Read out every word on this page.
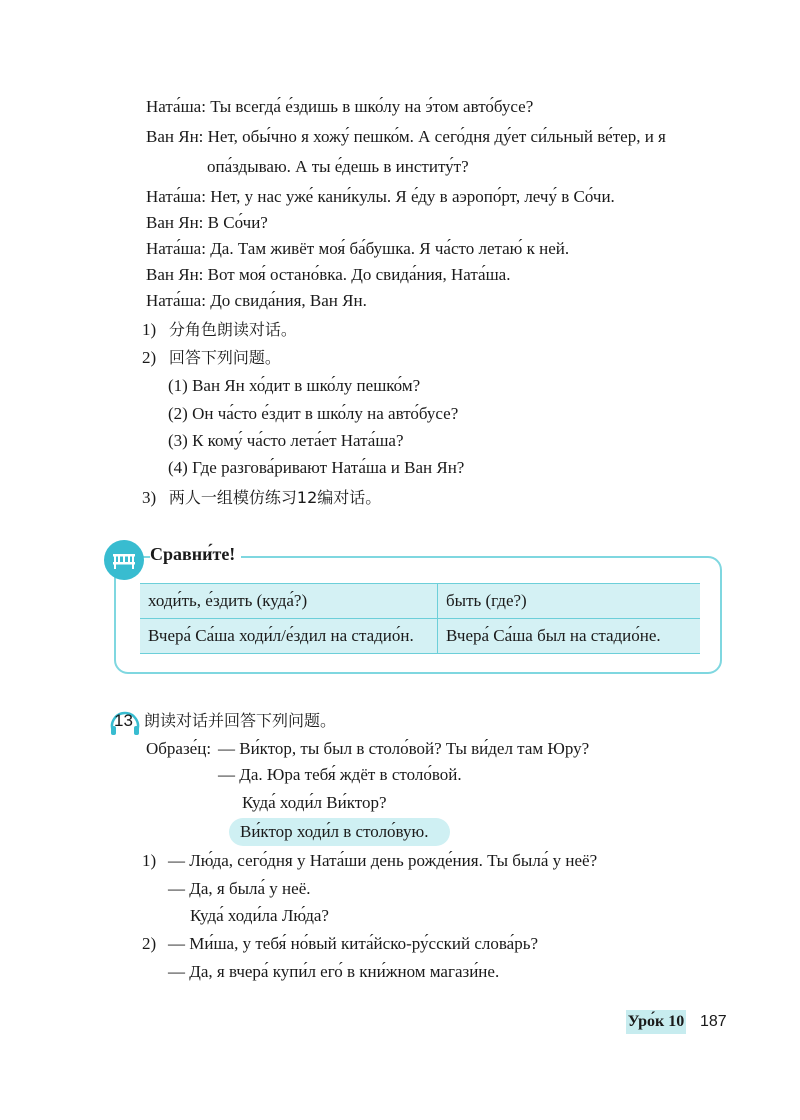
Ната́ша: Ты всегда́ е́здишь в шко́лу на э́том авто́бусе?
Ван Ян: Нет, обы́чно я хожу́ пешко́м. А сего́дня ду́ет си́льный ве́тер, и я
опа́здываю. А ты е́дешь в институ́т?
Ната́ша: Нет, у нас уже́ кани́кулы. Я е́ду в аэропо́рт, лечу́ в Со́чи.
Ван Ян: В Со́чи?
Ната́ша: Да. Там живёт моя́ ба́бушка. Я ча́сто летаю́ к ней.
Ван Ян: Вот моя́ остано́вка. До свида́ния, Ната́ша.
Ната́ша: До свида́ния, Ван Ян.
1) 分角色朗读对话。
2) 回答下列问题。
(1) Ван Ян хо́дит в шко́лу пешко́м?
(2) Он ча́сто е́здит в шко́лу на авто́бусе?
(3) К кому́ ча́сто лета́ет Ната́ша?
(4) Где разгова́ривают Ната́ша и Ван Ян?
3) 两人一组模仿练习12编对话。
Сравни́те!
ходи́ть, е́здить (куда́?)	быть (где?)
Вчера́ Са́ша ходи́л/е́здил на стадио́н.	Вчера́ Са́ша был на стадио́не.
13 朗读对话并回答下列问题。
Образе́ц: — Ви́ктор, ты был в столо́вой? Ты ви́дел там Юру?
— Да. Юра тебя́ ждёт в столо́вой.
Куда́ ходи́л Ви́ктор?
Ви́ктор ходи́л в столо́вую.
1) — Лю́да, сего́дня у Ната́ши день рожде́ния. Ты была́ у неё?
— Да, я была́ у неё.
Куда́ ходи́ла Лю́да?
2) — Ми́ша, у тебя́ но́вый кита́йско-ру́сский слова́рь?
— Да, я вчера́ купи́л его́ в кни́жном магази́не.
Уро́к 10 187
